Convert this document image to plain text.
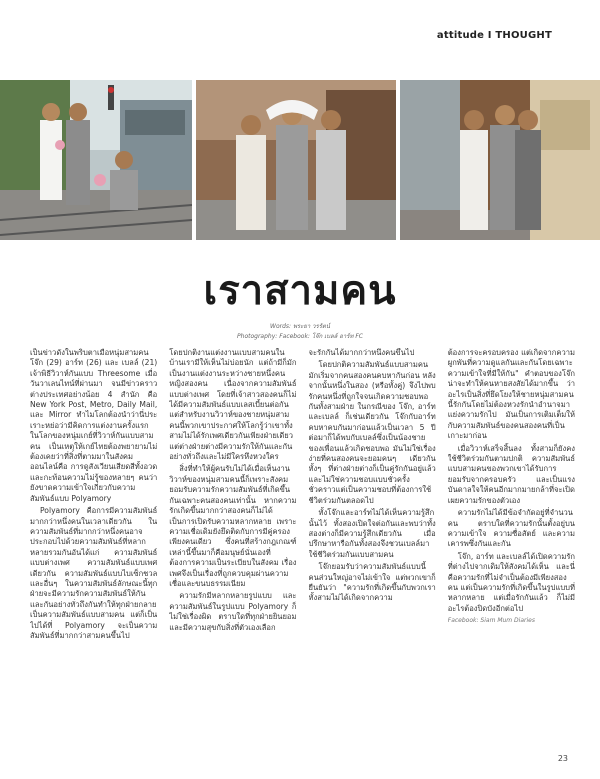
attitude I THOUGHT
เราสามคน
Words: พระยา วรรัตน์
Photography: Facebook: โจ๊ก เบลล์ อาร์ท FC

เป็นข่าวดังในพริบตาเมื่อหนุ่มสามคน โจ๊ก (29) อาร์ท (26) และ เบลล์ (21) เจ้าพิธีวิวาห์กันแบบ Threesome เมื่อวันวาเลนไทน์ที่ผ่านมา จนมีข่าวคราวต่างประเทศอย่างน้อย 4 สำนัก คือ New York Post, Metro, Daily Mail, และ Mirror ทำไมโลกต้องนำว่านี่ประเราะหย่อว่ามีคิดการแต่งงานครั้งแรกในโลกของหนุ่มเกย์ที่วิวาห์กันแบบสามคน เป็นเหตุให้เกย์ไทยต้องพยายามไม่ต้องเคยว่าที่สิ่งที่ตามมาในสังคมออนไลน์คือ การดูสังเวียนเสียดสีทั้งอวดและกะท้อนความไม่รู้ของหลายๆ คนว่ายังขาดความเข้าใจเกี่ยวกับความสัมพันธ์แบบ Polyamory

Polyamory คือการมีความสัมพันธ์มากกว่าหนึ่งคนในเวลาเดียวกัน ในความสัมพันธ์ที่มากกว่าหนึ่งคนอาจประกอบไปด้วยความสัมพันธ์ที่หลากหลายรวมกันอันได้แก่ ความสัมพันธ์แบบต่างเพศ ความสัมพันธ์แบบเพศเดียวกัน ความสัมพันธ์แบบไบเซ็กชวลและอื่นๆ ในความสัมพันธ์ลักษณะนี้ทุกฝ่ายจะมีความรักความสัมพันธ์ให้กันและกันอย่างทั่วถึงกันทำให้ทุกฝ่ายกลายเป็นความสัมพันธ์แบบสามคน แต่ก็เป็นไปได้ที่ Polyamory จะเป็นความสัมพันธ์ที่มากกว่าสามคนขึ้นไป

โดยปกติงานแต่งงานแบบสามคนในบ้านเรามีให้เห็นไม่บ่อยนัก แต่ถ้ามีก็มักเป็นงานแต่งงานระหว่างชายหนึ่งคนหญิงสองคน เนื่องจากความสัมพันธ์แบบต่างเพศ โดยที่เจ้าสาวสองคนก็ไม่ได้มีความสัมพันธ์แบบเลสเบี้ยนต่อกัน แต่สำหรับงานวิวาห์ของชายหนุ่มสามคนนี้พวกเขาประกาศให้โลกรู้ว่าเขาทั้งสามไม่ได้รักเพศเดียวกันเพียงฝ่ายเดียว แต่ต่างฝ่ายต่างมีความรักให้กันและกันอย่างทั่วถึงและไม่มีใครหึงหวงใคร

สิ่งที่ทำให้ผู้คนรับไม่ได้เมื่อเห็นงานวิวาห์ของหนุ่มสามคนนี้ก็เพราะสังคมยอมรับความรักความสัมพันธ์ที่เกิดขึ้นกันเฉพาะคนสองคนเท่านั้น หากความรักเกิดขึ้นมากกว่าสองคนก็ไม่ได้เป็นการเปิดรับความหลากหลาย เพราะความเชื่อเดิมยังยึดติดกับการมีคู่ครองเพียงคนเดียว ซึ่งคนที่สร้างกฎเกณฑ์เหล่านี้ขึ้นมาก็คือมนุษย์นั่นเองที่ต้องการความเป็นระเบียบในสังคม เรื่องเพศจึงเป็นเรื่องที่ถูกควบคุมผ่านความเชื่อและขนบธรรมเนียม

ความรักมีหลากหลายรูปแบบ และความสัมพันธ์ในรูปแบบ Polyamory ก็ไม่ใช่เรื่องผิด ตราบใดที่ทุกฝ่ายยินยอมและมีความสุขกับสิ่งที่ตัวเองเลือก

จะรักกันได้มากกว่าหนึ่งคนขึ้นไป

โดยปกติความสัมพันธ์แบบสามคนมักเริ่มจากคนสองคนคบหากันก่อน หลังจากนั้นหนึ่งในสอง (หรือทั้งคู่) จึงไปพบรักคนหนึ่งที่ถูกใจจนเกิดความชอบพอกันทั้งสามฝ่าย ในกรณีของ โจ๊ก, อาร์ท และเบลล์ ก็เช่นเดียวกัน โจ๊กกับอาร์ทคบหาคบกันมาก่อนแล้วเป็นเวลา 5 ปี ต่อมาก็ได้พบกับเบลล์ซึ่งเป็นน้องชายของเพื่อนแล้วเกิดชอบพอ มันไม่ใช่เรื่องง่ายที่คนสองคนจะยอมคนๆ เดียวกันทั้งๆ ที่ต่างฝ่ายต่างก็เป็นคู่รักกันอยู่แล้ว และไม่ใช่ความชอบแบบชั่วครั้งชั่วคราวแต่เป็นความชอบที่ต้องการใช้ชีวิตร่วมกันตลอดไป

ทั้งโจ๊กและอาร์ทไม่ได้เห็นความรู้สึกนั้นไว้ ทั้งสองเปิดใจต่อกันและพบว่าทั้งสองต่างก็มีความรู้สึกเดียวกัน เมื่อปรึกษาหารือกันทั้งสองจึงชวนเบลล์มาใช้ชีวิตร่วมกันแบบสามคน

โจ๊กยอมรับว่าความสัมพันธ์แบบนี้ คนส่วนใหญ่อาจไม่เข้าใจ แต่พวกเขาก็ยืนยันว่า "ความรักที่เกิดขึ้นกับพวกเราทั้งสามไม่ได้เกิดจากความ

ต้องการจะครอบครอง แต่เกิดจากความผูกพันที่ความดูแลกันและกันโดยเฉพาะความเข้าใจที่มีให้กัน" คำตอบของโจ๊กน่าจะทำให้คนหายสงสัยได้มากขึ้น ว่าอะไรเป็นสิ่งที่ยึดโยงให้ชายหนุ่มสามคนนี้รักกันโดยไม่ต้องหวงรักนำอำนาจมาแย่งความรักไป มันเป็นการเติมเต็มให้กับความสัมพันธ์ของคนสองคนที่เป็นเกาะมาก่อน

เมื่อวิวาห์เสร็จสิ้นลง ทั้งสามก็ยังคงใช้ชีวิตร่วมกันตามปกติ ความสัมพันธ์แบบสามคนของพวกเขาได้รับการยอมรับจากครอบครัว และเป็นแรงบันดาลใจให้คนอีกมากมายกล้าที่จะเปิดเผยความรักของตัวเอง

ความรักไม่ได้มีข้อจำกัดอยู่ที่จำนวนคน ตราบใดที่ความรักนั้นตั้งอยู่บนความเข้าใจ ความซื่อสัตย์ และความเคารพซึ่งกันและกัน

โจ๊ก, อาร์ท และเบลล์ได้เปิดความรักที่ต่างไปจากเดิมให้สังคมได้เห็น และนี่คือความรักที่ไม่จำเป็นต้องมีเพียงสองคน แต่เป็นความรักที่เกิดขึ้นในรูปแบบที่หลากหลาย แต่เมื่อรักกันแล้ว ก็ไม่มีอะไรต้องปิดบังอีกต่อไป

Facebook: Siam Mum Diaries

23
